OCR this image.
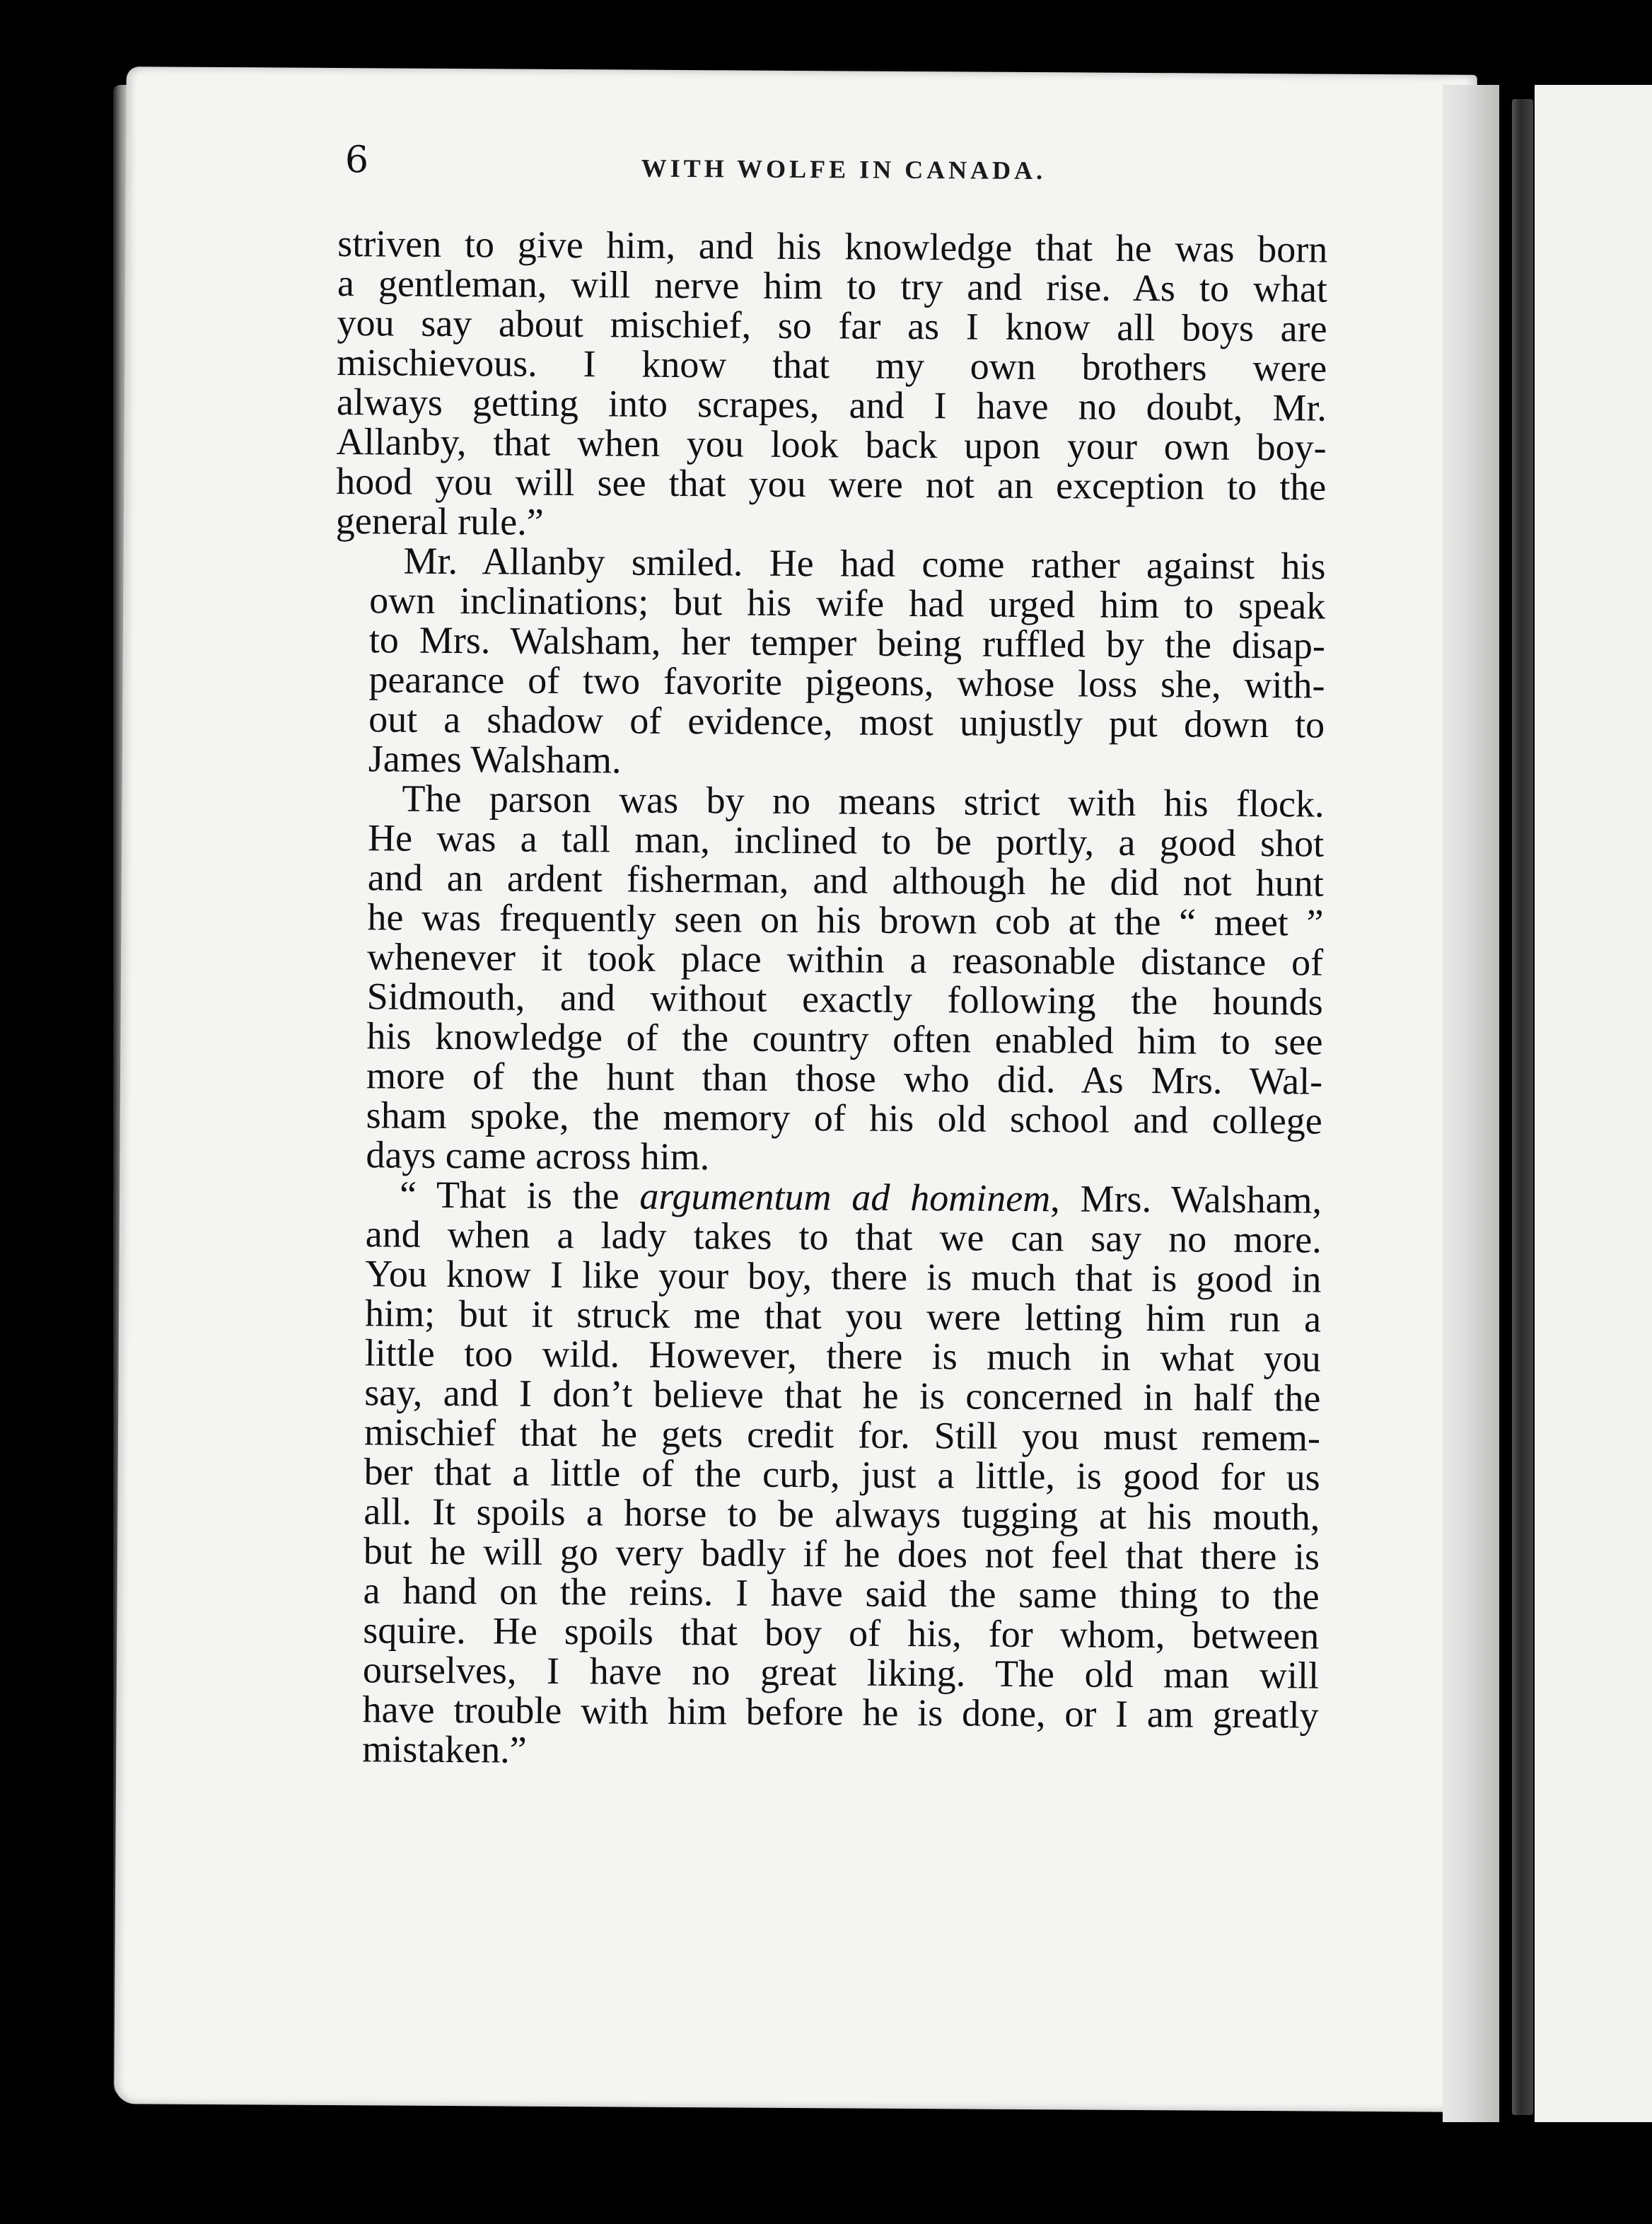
6	WITH WOLFE IN CANADA.
striven to give him, and his knowledge that he was born
a gentleman, will nerve him to try and rise. As to what
you say about mischief, so far as I know all boys are
mischievous. I know that my own brothers were
always getting into scrapes, and I have no doubt, Mr.
Allanby, that when you look back upon your own boy-
hood you will see that you were not an exception to the
general rule.”
Mr. Allanby smiled. He had come rather against his
own inclinations; but his wife had urged him to speak
to Mrs. Walsham, her temper being ruffled by the disap-
pearance of two favorite pigeons, whose loss she, with-
out a shadow of evidence, most unjustly put down to
James Walsham.
The parson was by no means strict with his flock.
He was a tall man, inclined to be portly, a good shot
and an ardent fisherman, and although he did not hunt
he was frequently seen on his brown cob at the “ meet ”
whenever it took place within a reasonable distance of
Sidmouth, and without exactly following the hounds
his knowledge of the country often enabled him to see
more of the hunt than those who did. As Mrs. Wal-
sham spoke, the memory of his old school and college
days came across him.
“ That is the argumentum ad hominem, Mrs. Walsham,
and when a lady takes to that we can say no more.
You know I like your boy, there is much that is good in
him; but it struck me that you were letting him run a
little too wild. However, there is much in what you
say, and I don’t believe that he is concerned in half the
mischief that he gets credit for. Still you must remem-
ber that a little of the curb, just a little, is good for us
all. It spoils a horse to be always tugging at his mouth,
but he will go very badly if he does not feel that there is
a hand on the reins. I have said the same thing to the
squire. He spoils that boy of his, for whom, between
ourselves, I have no great liking. The old man will
have trouble with him before he is done, or I am greatly
mistaken.”
